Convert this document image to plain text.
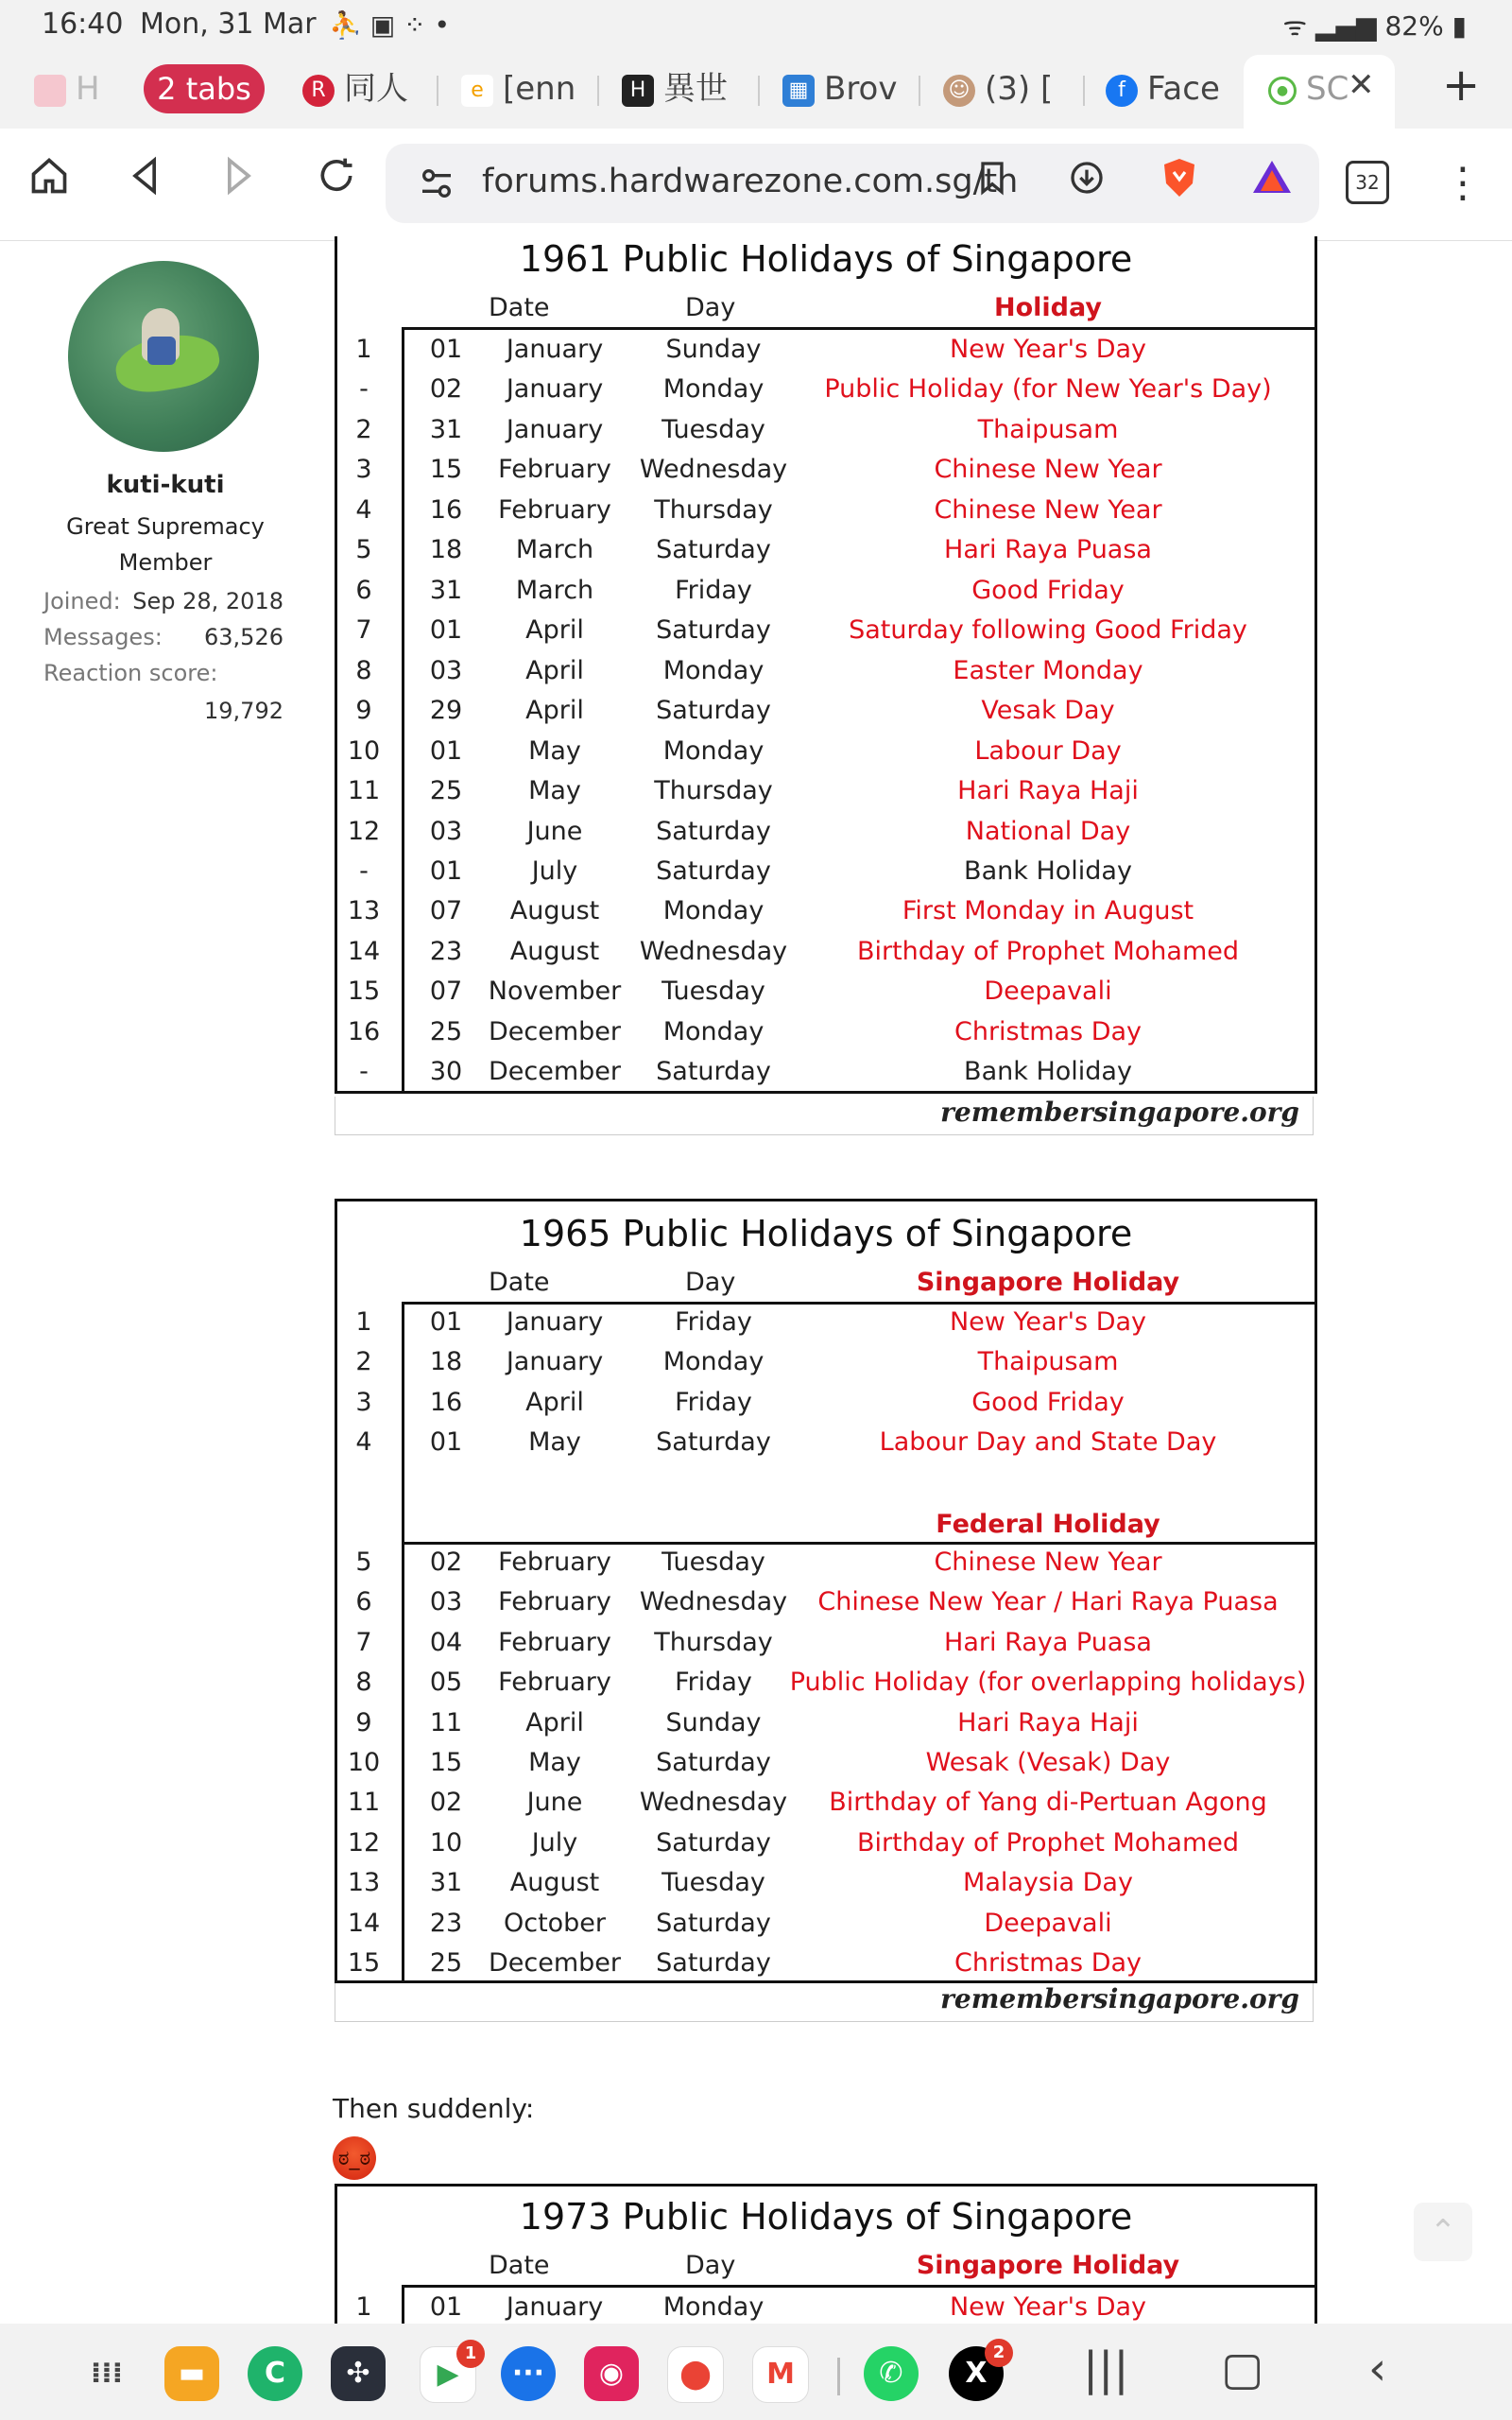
16:40 Mon, 31 Mar ⛹ ▣ ⁘ •	ᯤ ▂▄▆ 82% ▮
H	2 tabs	R 同人	e [enn	H 異世	▦ Brov ☺ (3) [	f Face	● SC
✕ +
forums.hardwarezone.com.sg/th	32 ⋮
kuti-kuti
Great Supremacy Member
Joined: Sep 28, 2018
Messages: 63,526
Reaction score:
19,792
1961 Public Holidays of Singapore
Date	Day	Holiday
1	01	January	Sunday	New Year's Day
-	02	January	Monday	Public Holiday (for New Year's Day)
2	31	January	Tuesday	Thaipusam
3	15	February	Wednesday	Chinese New Year
4	16	February	Thursday	Chinese New Year
5	18	March	Saturday	Hari Raya Puasa
6	31	March	Friday	Good Friday
7	01	April	Saturday	Saturday following Good Friday
8	03	April	Monday	Easter Monday
9	29	April	Saturday	Vesak Day
10	01	May	Monday	Labour Day
11	25	May	Thursday	Hari Raya Haji
12	03	June	Saturday	National Day
-	01	July	Saturday	Bank Holiday
13	07	August	Monday	First Monday in August
14	23	August	Wednesday	Birthday of Prophet Mohamed
15	07	November	Tuesday	Deepavali
16	25	December	Monday	Christmas Day
-	30	December	Saturday	Bank Holiday
remembersingapore.org
1965 Public Holidays of Singapore
Date	Day	Singapore Holiday
Federal Holiday
1	01	January	Friday	New Year's Day
2	18	January	Monday	Thaipusam
3	16	April	Friday	Good Friday
4	01	May	Saturday	Labour Day and State Day
5	02	February	Tuesday	Chinese New Year
6	03	February	Wednesday	Chinese New Year / Hari Raya Puasa
7	04	February	Thursday	Hari Raya Puasa
8	05	February	Friday	Public Holiday (for overlapping holidays)
9	11	April	Sunday	Hari Raya Haji
10	15	May	Saturday	Wesak (Vesak) Day
11	02	June	Wednesday	Birthday of Yang di-Pertuan Agong
12	10	July	Saturday	Birthday of Prophet Mohamed
13	31	August	Tuesday	Malaysia Day
14	23	October	Saturday	Deepavali
15	25	December	Saturday	Christmas Day
remembersingapore.org
Then suddenly:
ಠ_ಠ
1973 Public Holidays of Singapore
Date	Day	Singapore Holiday
1	01	January	Monday	New Year's Day
⌃
⁞⁞⁞	▬	C	✣	▶
1
···	◉	⬤	M	✆	X
2 ||| ▢ ‹
